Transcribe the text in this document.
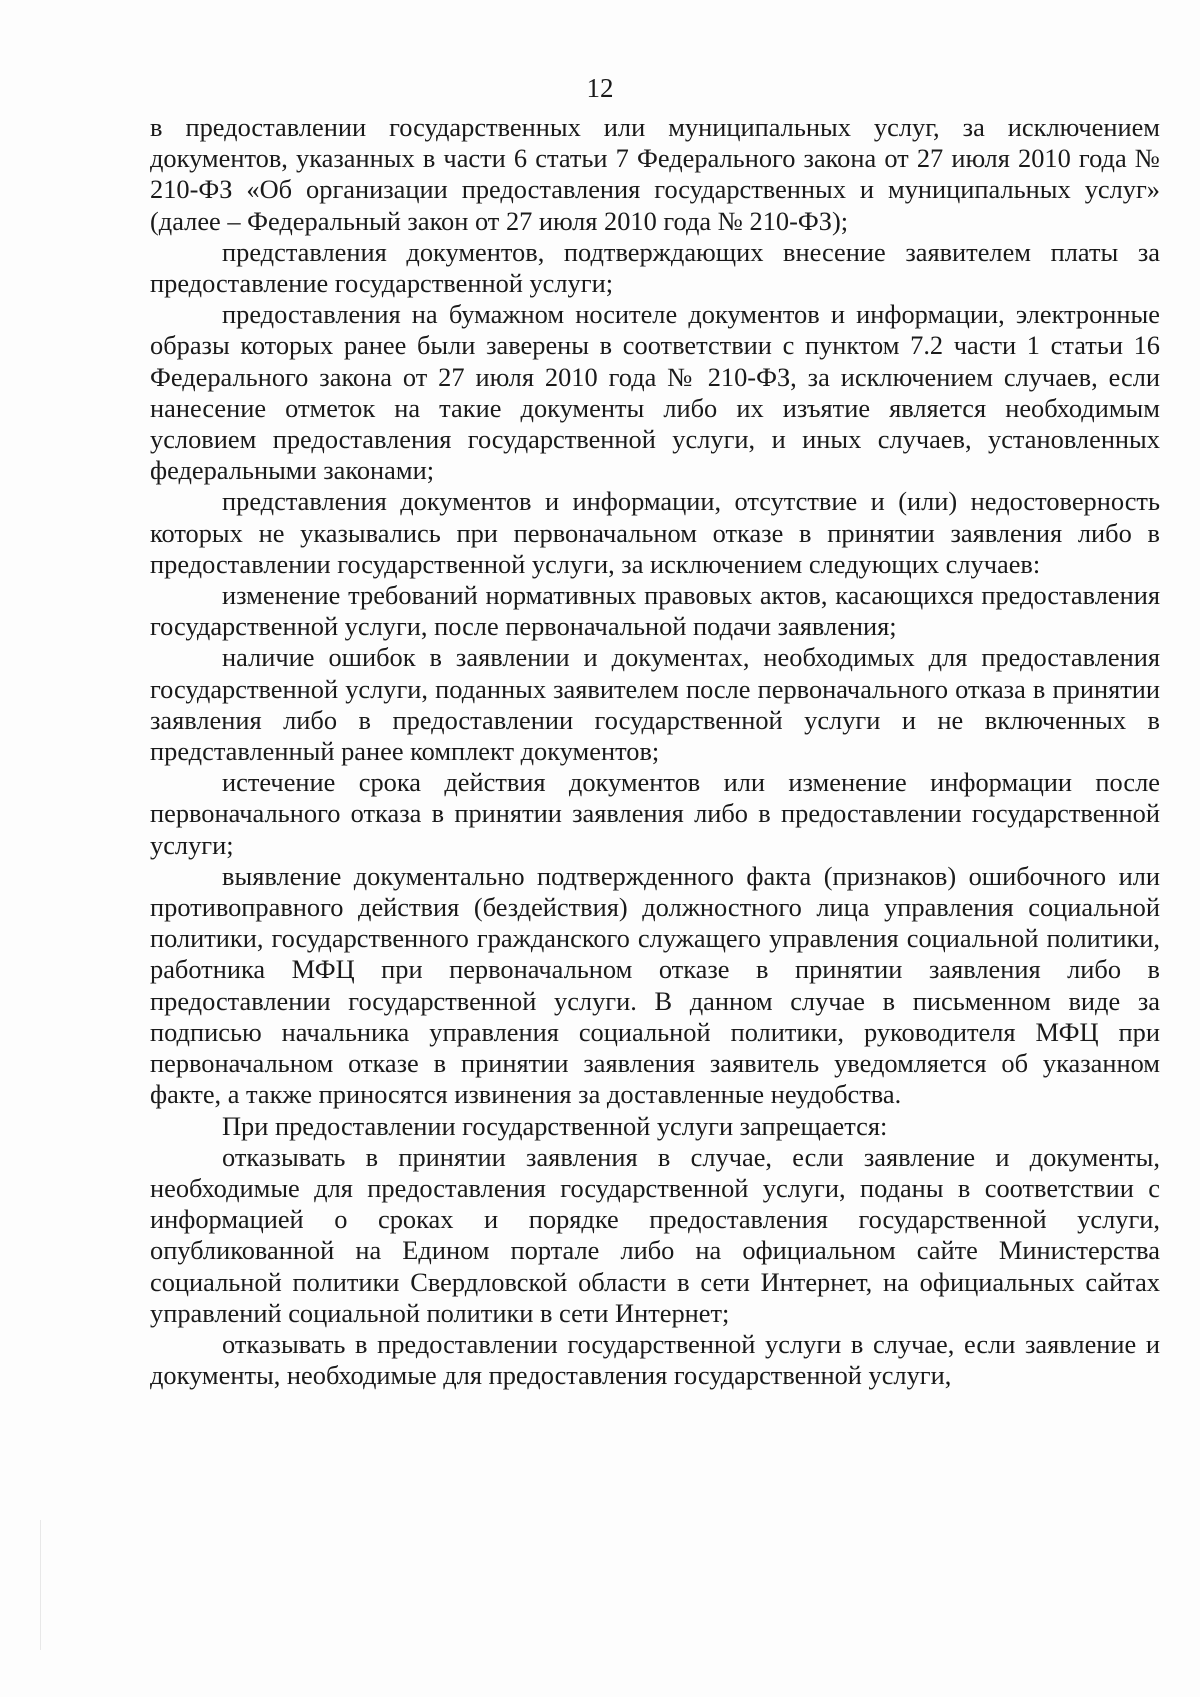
12

в предоставлении государственных или муниципальных услуг, за исключением документов, указанных в части 6 статьи 7 Федерального закона от 27 июля 2010 года № 210-ФЗ «Об организации предоставления государственных и муниципальных услуг» (далее – Федеральный закон от 27 июля 2010 года № 210-ФЗ);

представления документов, подтверждающих внесение заявителем платы за предоставление государственной услуги;

предоставления на бумажном носителе документов и информации, электронные образы которых ранее были заверены в соответствии с пунктом 7.2 части 1 статьи 16 Федерального закона от 27 июля 2010 года № 210-ФЗ, за исключением случаев, если нанесение отметок на такие документы либо их изъятие является необходимым условием предоставления государственной услуги, и иных случаев, установленных федеральными законами;

представления документов и информации, отсутствие и (или) недостоверность которых не указывались при первоначальном отказе в принятии заявления либо в предоставлении государственной услуги, за исключением следующих случаев:

изменение требований нормативных правовых актов, касающихся предоставления государственной услуги, после первоначальной подачи заявления;

наличие ошибок в заявлении и документах, необходимых для предоставления государственной услуги, поданных заявителем после первоначального отказа в принятии заявления либо в предоставлении государственной услуги и не включенных в представленный ранее комплект документов;

истечение срока действия документов или изменение информации после первоначального отказа в принятии заявления либо в предоставлении государственной услуги;

выявление документально подтвержденного факта (признаков) ошибочного или противоправного действия (бездействия) должностного лица управления социальной политики, государственного гражданского служащего управления социальной политики, работника МФЦ при первоначальном отказе в принятии заявления либо в предоставлении государственной услуги. В данном случае в письменном виде за подписью начальника управления социальной политики, руководителя МФЦ при первоначальном отказе в принятии заявления заявитель уведомляется об указанном факте, а также приносятся извинения за доставленные неудобства.

При предоставлении государственной услуги запрещается:

отказывать в принятии заявления в случае, если заявление и документы, необходимые для предоставления государственной услуги, поданы в соответствии с информацией о сроках и порядке предоставления государственной услуги, опубликованной на Едином портале либо на официальном сайте Министерства социальной политики Свердловской области в сети Интернет, на официальных сайтах управлений социальной политики в сети Интернет;

отказывать в предоставлении государственной услуги в случае, если заявление и документы, необходимые для предоставления государственной услуги,
